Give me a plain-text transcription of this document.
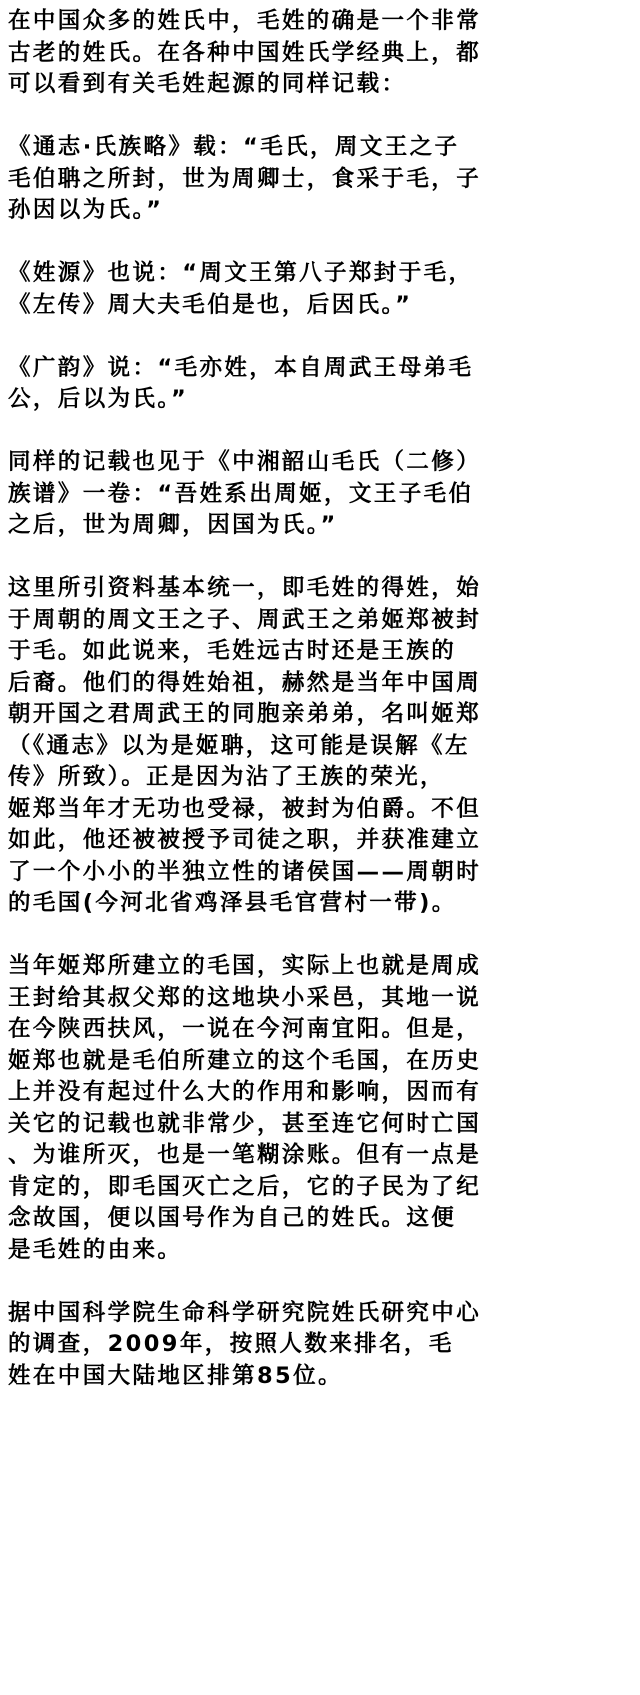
在中国众多的姓氏中，毛姓的确是一个非常
古老的姓氏。在各种中国姓氏学经典上，都
可以看到有关毛姓起源的同样记载：

《通志·氏族略》载：“毛氏，周文王之子
毛伯聃之所封，世为周卿士，食采于毛，子
孙因以为氏。”

《姓源》也说：“周文王第八子郑封于毛，
《左传》周大夫毛伯是也，后因氏。”

《广韵》说：“毛亦姓，本自周武王母弟毛
公，后以为氏。”

同样的记载也见于《中湘韶山毛氏（二修）
族谱》一卷：“吾姓系出周姬，文王子毛伯
之后，世为周卿，因国为氏。”

这里所引资料基本统一，即毛姓的得姓，始
于周朝的周文王之子、周武王之弟姬郑被封
于毛。如此说来，毛姓远古时还是王族的
后裔。他们的得姓始祖，赫然是当年中国周
朝开国之君周武王的同胞亲弟弟，名叫姬郑
（《通志》以为是姬聃，这可能是误解《左
传》所致）。正是因为沾了王族的荣光，
姬郑当年才无功也受禄，被封为伯爵。不但
如此，他还被被授予司徒之职，并获准建立
了一个小小的半独立性的诸侯国——周朝时
的毛国(今河北省鸡泽县毛官营村一带)。

当年姬郑所建立的毛国，实际上也就是周成
王封给其叔父郑的这地块小采邑，其地一说
在今陕西扶风，一说在今河南宜阳。但是，
姬郑也就是毛伯所建立的这个毛国，在历史
上并没有起过什么大的作用和影响，因而有
关它的记载也就非常少，甚至连它何时亡国
、为谁所灭，也是一笔糊涂账。但有一点是
肯定的，即毛国灭亡之后，它的子民为了纪
念故国，便以国号作为自己的姓氏。这便
是毛姓的由来。

据中国科学院生命科学研究院姓氏研究中心
的调查，2009年，按照人数来排名，毛
姓在中国大陆地区排第85位。
